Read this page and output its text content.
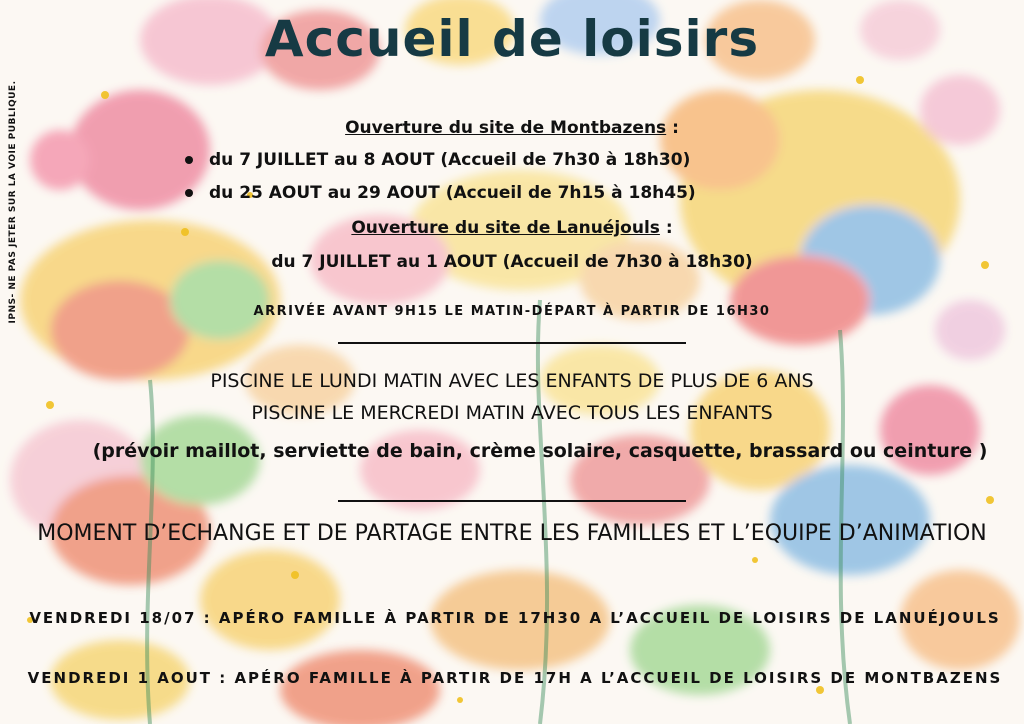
Accueil de loisirs
IPNS- NE PAS JETER SUR LA VOIE PUBLIQUE.	Ouverture du site de Montbazens :
du 7 JUILLET au 8 AOUT (Accueil de 7h30 à 18h30)
du 25 AOUT au 29 AOUT (Accueil de 7h15 à 18h45)
Ouverture du site de Lanuéjouls :
du 7 JUILLET au 1 AOUT (Accueil de 7h30 à 18h30)
ARRIVÉE AVANT 9H15 LE MATIN-DÉPART À PARTIR DE 16H30
PISCINE LE LUNDI MATIN AVEC LES ENFANTS DE PLUS DE 6 ANS
PISCINE LE MERCREDI MATIN AVEC TOUS LES ENFANTS
(prévoir maillot, serviette de bain, crème solaire, casquette, brassard ou ceinture )
MOMENT D’ECHANGE ET DE PARTAGE ENTRE LES FAMILLES ET L’EQUIPE D’ANIMATION
VENDREDI 18/07 : APÉRO FAMILLE À PARTIR DE 17H30 A L’ACCUEIL DE LOISIRS DE LANUÉJOULS
VENDREDI 1 AOUT : APÉRO FAMILLE À PARTIR DE 17H A L’ACCUEIL DE LOISIRS DE MONTBAZENS
